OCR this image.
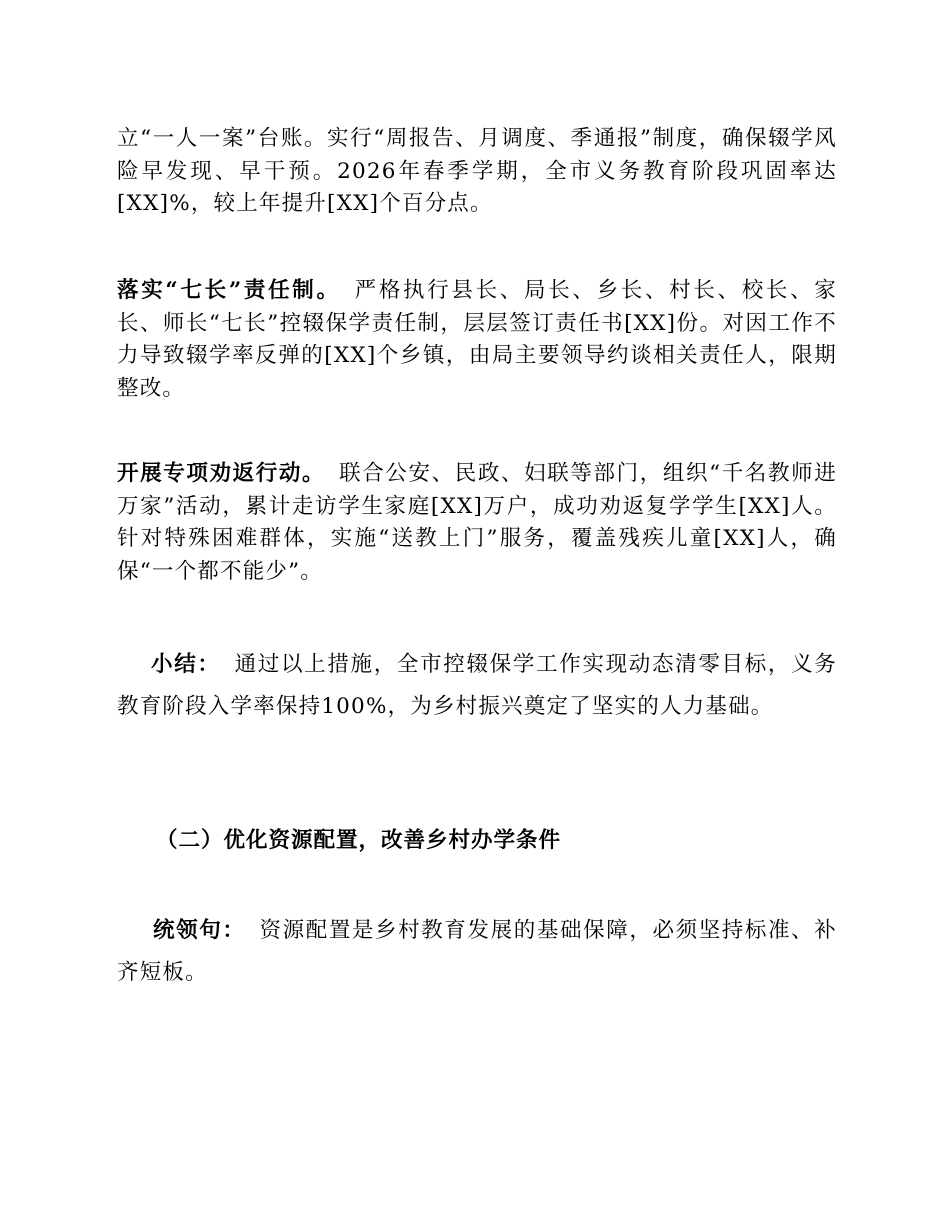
立“一人一案”台账。实行“周报告、月调度、季通报”制度，确保辍学风险早发现、早干预。2026年春季学期，全市义务教育阶段巩固率达[XX]%，较上年提升[XX]个百分点。

落实“七长”责任制。 严格执行县长、局长、乡长、村长、校长、家长、师长“七长”控辍保学责任制，层层签订责任书[XX]份。对因工作不力导致辍学率反弹的[XX]个乡镇，由局主要领导约谈相关责任人，限期整改。

开展专项劝返行动。 联合公安、民政、妇联等部门，组织“千名教师进万家”活动，累计走访学生家庭[XX]万户，成功劝返复学学生[XX]人。针对特殊困难群体，实施“送教上门”服务，覆盖残疾儿童[XX]人，确保“一个都不能少”。

小结： 通过以上措施，全市控辍保学工作实现动态清零目标，义务教育阶段入学率保持100%，为乡村振兴奠定了坚实的人力基础。

（二）优化资源配置，改善乡村办学条件

统领句： 资源配置是乡村教育发展的基础保障，必须坚持标准、补齐短板。
